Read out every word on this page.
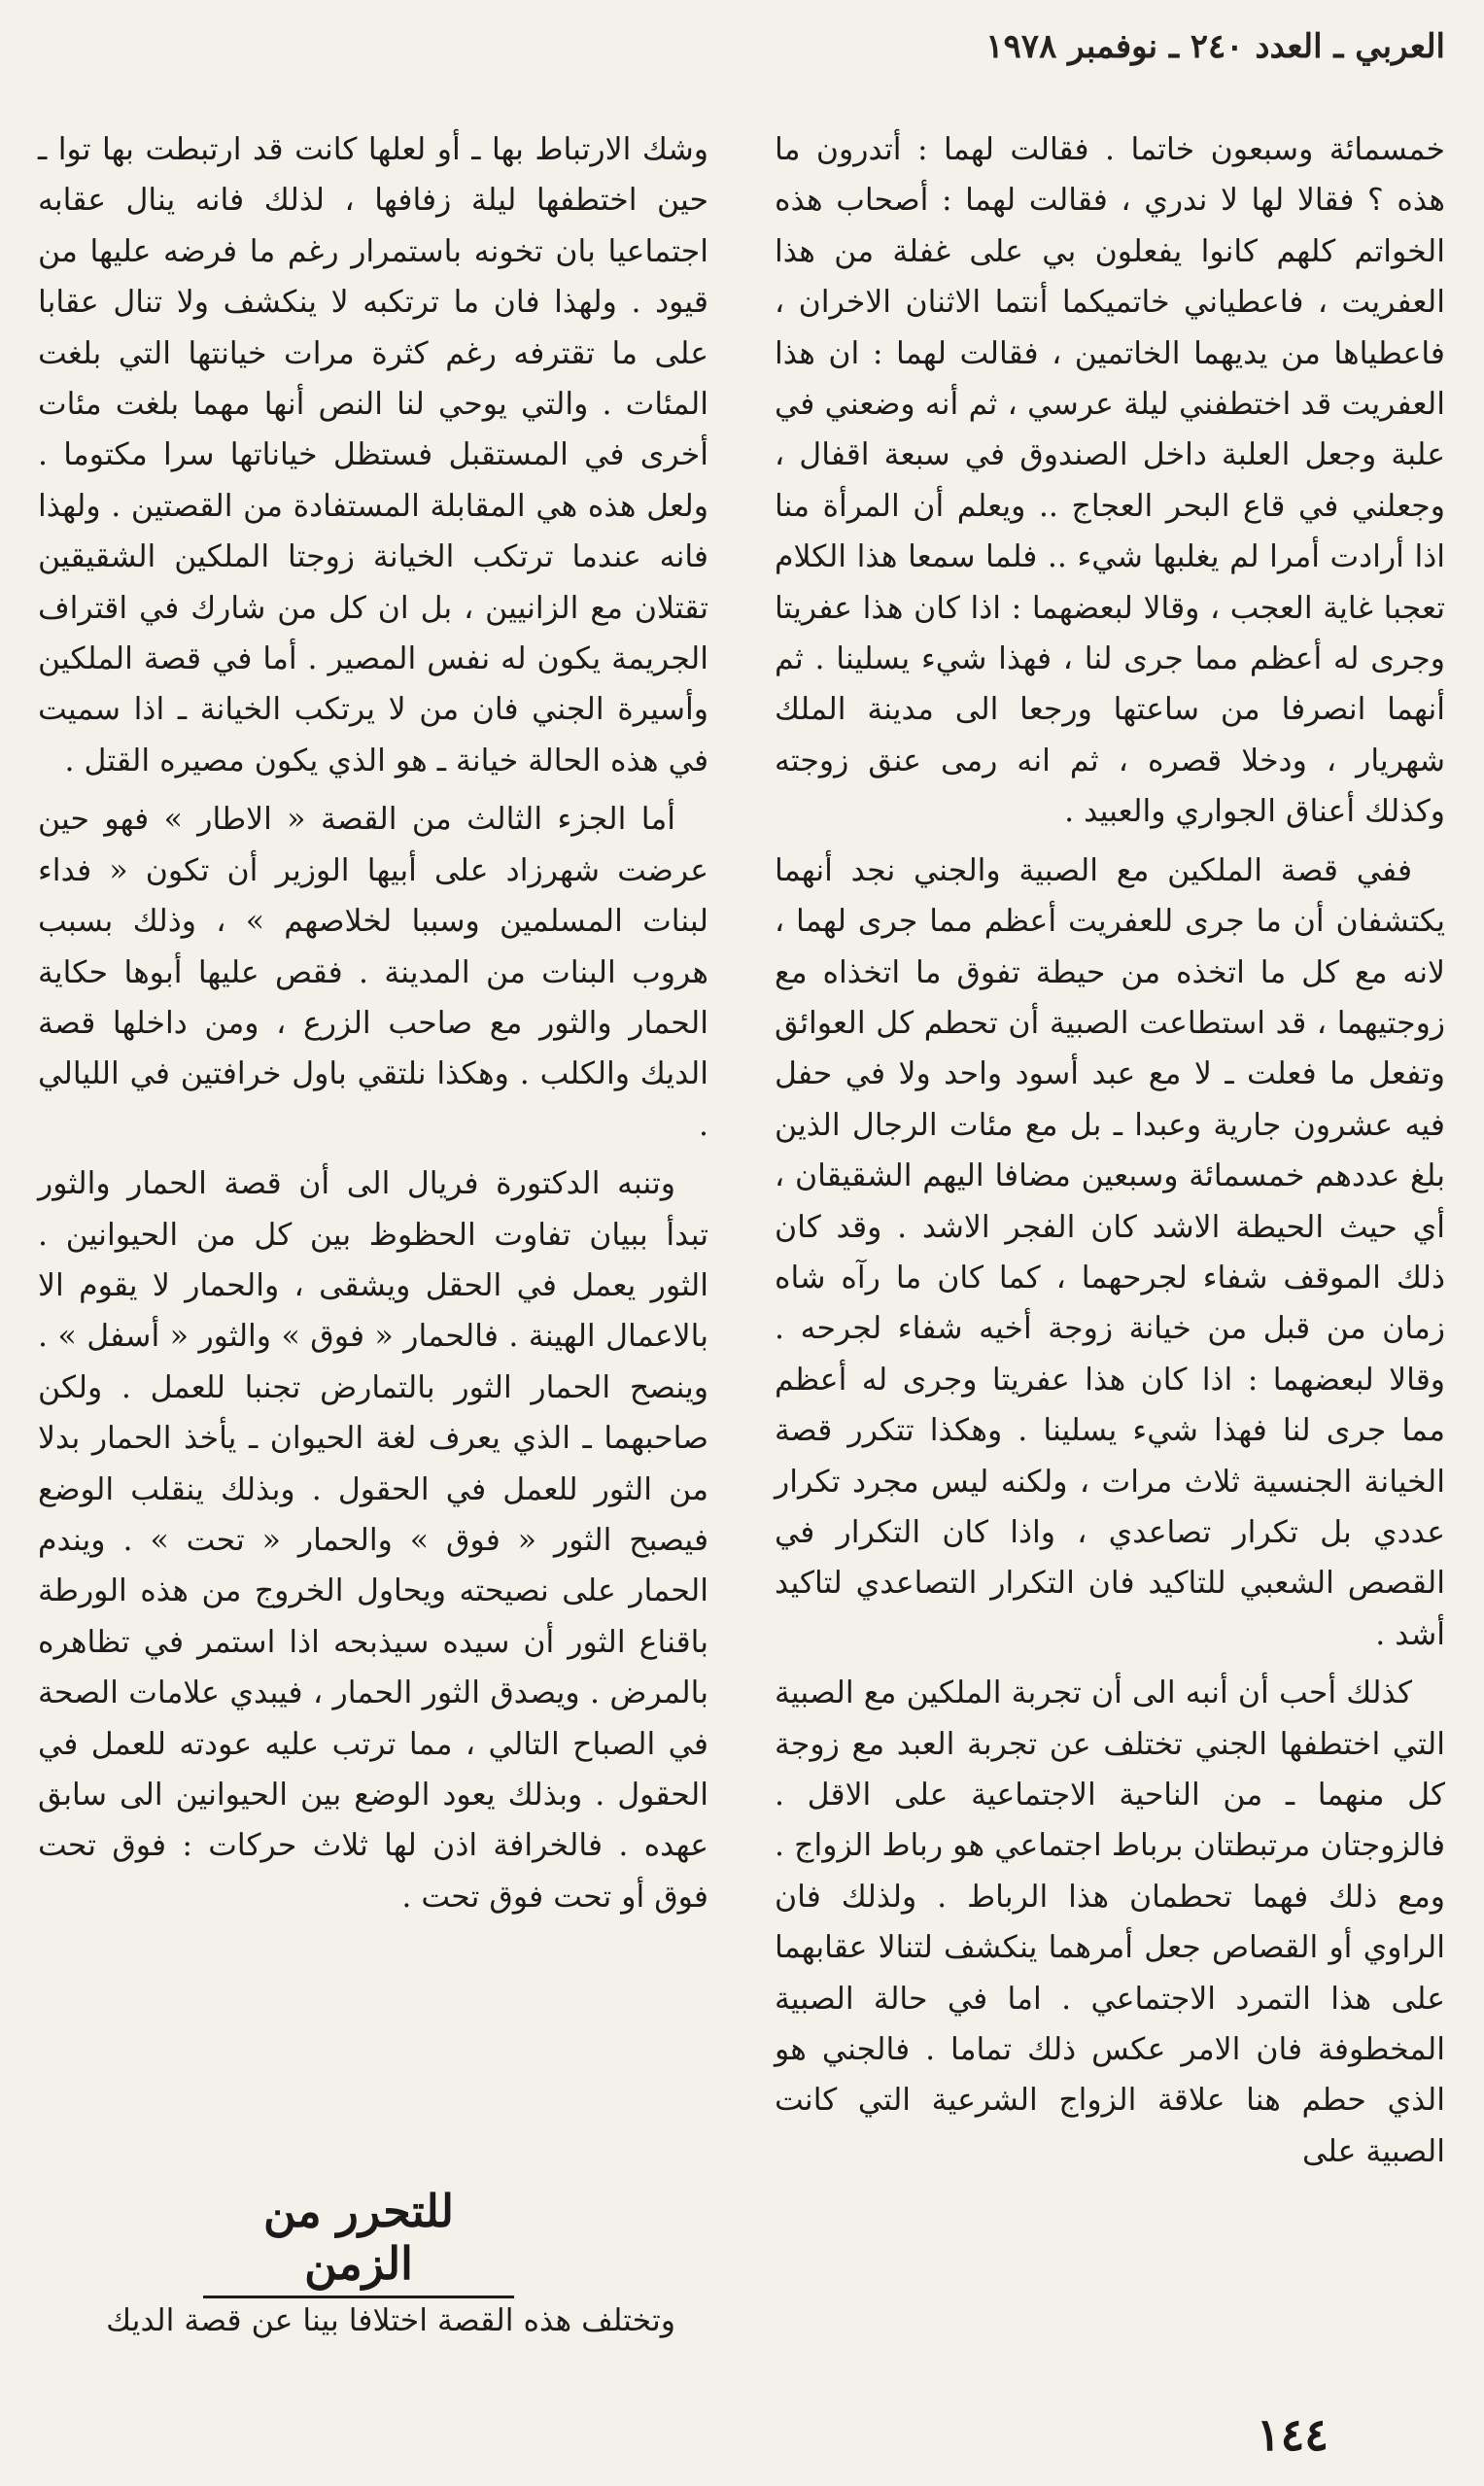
العربي ـ العدد ٢٤٠ ـ نوفمبر ١٩٧٨

خمسمائة وسبعون خاتما . فقالت لهما : أتدرون ما هذه ؟ فقالا لها لا ندري ، فقالت لهما : أصحاب هذه الخواتم كلهم كانوا يفعلون بي على غفلة من هذا العفريت ، فاعطياني خاتميكما أنتما الاثنان الاخران ، فاعطياها من يديهما الخاتمين ، فقالت لهما : ان هذا العفريت قد اختطفني ليلة عرسي ، ثم أنه وضعني في علبة وجعل العلبة داخل الصندوق في سبعة اقفال ، وجعلني في قاع البحر العجاج .. ويعلم أن المرأة منا اذا أرادت أمرا لم يغلبها شيء .. فلما سمعا هذا الكلام تعجبا غاية العجب ، وقالا لبعضهما : اذا كان هذا عفريتا وجرى له أعظم مما جرى لنا ، فهذا شيء يسلينا . ثم أنهما انصرفا من ساعتها ورجعا الى مدينة الملك شهريار ، ودخلا قصره ، ثم انه رمى عنق زوجته وكذلك أعناق الجواري والعبيد .

ففي قصة الملكين مع الصبية والجني نجد أنهما يكتشفان أن ما جرى للعفريت أعظم مما جرى لهما ، لانه مع كل ما اتخذه من حيطة تفوق ما اتخذاه مع زوجتيهما ، قد استطاعت الصبية أن تحطم كل العوائق وتفعل ما فعلت ـ لا مع عبد أسود واحد ولا في حفل فيه عشرون جارية وعبدا ـ بل مع مئات الرجال الذين بلغ عددهم خمسمائة وسبعين مضافا اليهم الشقيقان ، أي حيث الحيطة الاشد كان الفجر الاشد . وقد كان ذلك الموقف شفاء لجرحهما ، كما كان ما رآه شاه زمان من قبل من خيانة زوجة أخيه شفاء لجرحه . وقالا لبعضهما : اذا كان هذا عفريتا وجرى له أعظم مما جرى لنا فهذا شيء يسلينا . وهكذا تتكرر قصة الخيانة الجنسية ثلاث مرات ، ولكنه ليس مجرد تكرار عددي بل تكرار تصاعدي ، واذا كان التكرار في القصص الشعبي للتاكيد فان التكرار التصاعدي لتاكيد أشد .

كذلك أحب أن أنبه الى أن تجربة الملكين مع الصبية التي اختطفها الجني تختلف عن تجربة العبد مع زوجة كل منهما ـ من الناحية الاجتماعية على الاقل . فالزوجتان مرتبطتان برباط اجتماعي هو رباط الزواج . ومع ذلك فهما تحطمان هذا الرباط . ولذلك فان الراوي أو القصاص جعل أمرهما ينكشف لتنالا عقابهما على هذا التمرد الاجتماعي . اما في حالة الصبية المخطوفة فان الامر عكس ذلك تماما . فالجني هو الذي حطم هنا علاقة الزواج الشرعية التي كانت الصبية على

وشك الارتباط بها ـ أو لعلها كانت قد ارتبطت بها توا ـ حين اختطفها ليلة زفافها ، لذلك فانه ينال عقابه اجتماعيا بان تخونه باستمرار رغم ما فرضه عليها من قيود . ولهذا فان ما ترتكبه لا ينكشف ولا تنال عقابا على ما تقترفه رغم كثرة مرات خيانتها التي بلغت المئات . والتي يوحي لنا النص أنها مهما بلغت مئات أخرى في المستقبل فستظل خياناتها سرا مكتوما . ولعل هذه هي المقابلة المستفادة من القصتين . ولهذا فانه عندما ترتكب الخيانة زوجتا الملكين الشقيقين تقتلان مع الزانيين ، بل ان كل من شارك في اقتراف الجريمة يكون له نفس المصير . أما في قصة الملكين وأسيرة الجني فان من لا يرتكب الخيانة ـ اذا سميت في هذه الحالة خيانة ـ هو الذي يكون مصيره القتل .

أما الجزء الثالث من القصة « الاطار » فهو حين عرضت شهرزاد على أبيها الوزير أن تكون « فداء لبنات المسلمين وسببا لخلاصهم » ، وذلك بسبب هروب البنات من المدينة . فقص عليها أبوها حكاية الحمار والثور مع صاحب الزرع ، ومن داخلها قصة الديك والكلب . وهكذا نلتقي باول خرافتين في الليالي .

وتنبه الدكتورة فريال الى أن قصة الحمار والثور تبدأ ببيان تفاوت الحظوظ بين كل من الحيوانين . الثور يعمل في الحقل ويشقى ، والحمار لا يقوم الا بالاعمال الهينة . فالحمار « فوق » والثور « أسفل » . وينصح الحمار الثور بالتمارض تجنبا للعمل . ولكن صاحبهما ـ الذي يعرف لغة الحيوان ـ يأخذ الحمار بدلا من الثور للعمل في الحقول . وبذلك ينقلب الوضع فيصبح الثور « فوق » والحمار « تحت » . ويندم الحمار على نصيحته ويحاول الخروج من هذه الورطة باقناع الثور أن سيده سيذبحه اذا استمر في تظاهره بالمرض . ويصدق الثور الحمار ، فيبدي علامات الصحة في الصباح التالي ، مما ترتب عليه عودته للعمل في الحقول . وبذلك يعود الوضع بين الحيوانين الى سابق عهده . فالخرافة اذن لها ثلاث حركات : فوق تحت فوق أو تحت فوق تحت .

للتحرر من الزمن
وتختلف هذه القصة اختلافا بينا عن قصة الديك
١٤٤
